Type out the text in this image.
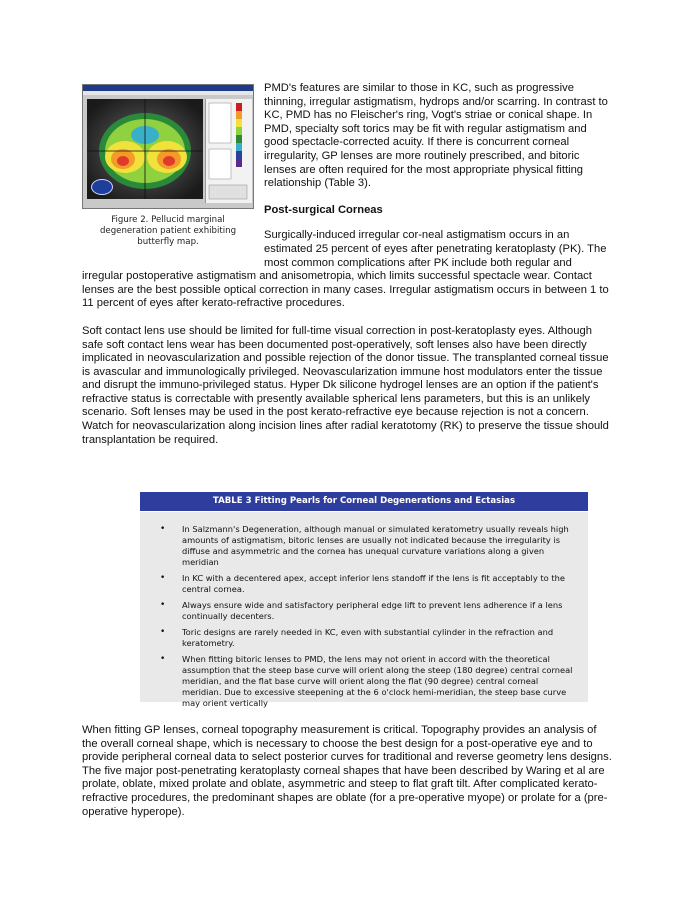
Figure 2. Pellucid marginal degeneration patient exhibiting butterfly map.

PMD's features are similar to those in KC, such as progressive thinning, irregular astigmatism, hydrops and/or scarring. In contrast to KC, PMD has no Fleischer's ring, Vogt's striae or conical shape. In PMD, specialty soft torics may be fit with regular astigmatism and good spectacle-corrected acuity. If there is concurrent corneal irregularity, GP lenses are more routinely prescribed, and bitoric lenses are often required for the most appropriate physical fitting relationship (Table 3).

Post-surgical Corneas

Surgically-induced irregular cor-neal astigmatism occurs in an estimated 25 percent of eyes after penetrating keratoplasty (PK). The most common complications after PK include both regular and irregular postoperative astigmatism and anisometropia, which limits successful spectacle wear. Contact lenses are the best possible optical correction in many cases. Irregular astigmatism occurs in between 1 to 11 percent of eyes after kerato-refractive procedures.

Soft contact lens use should be limited for full-time visual correction in post-keratoplasty eyes. Although safe soft contact lens wear has been documented post-operatively, soft lenses also have been directly implicated in neovascularization and possible rejection of the donor tissue. The transplanted corneal tissue is avascular and immunologically privileged. Neovascularization immune host modulators enter the tissue and disrupt the immuno-privileged status. Hyper Dk silicone hydrogel lenses are an option if the patient's refractive status is correctable with presently available spherical lens parameters, but this is an unlikely scenario. Soft lenses may be used in the post kerato-refractive eye because rejection is not a concern. Watch for neovascularization along incision lines after radial keratotomy (RK) to preserve the tissue should transplantation be required.

TABLE 3 Fitting Pearls for Corneal Degenerations and Ectasias
• In Salzmann's Degeneration, although manual or simulated keratometry usually reveals high amounts of astigmatism, bitoric lenses are usually not indicated because the irregularity is diffuse and asymmetric and the cornea has unequal curvature variations along a given meridian
• In KC with a decentered apex, accept inferior lens standoff if the lens is fit acceptably to the central cornea.
• Always ensure wide and satisfactory peripheral edge lift to prevent lens adherence if a lens continually decenters.
• Toric designs are rarely needed in KC, even with substantial cylinder in the refraction and keratometry.
• When fitting bitoric lenses to PMD, the lens may not orient in accord with the theoretical assumption that the steep base curve will orient along the steep (180 degree) central corneal meridian, and the flat base curve will orient along the flat (90 degree) central corneal meridian. Due to excessive steepening at the 6 o'clock hemi-meridian, the steep base curve may orient vertically

When fitting GP lenses, corneal topography measurement is critical. Topography provides an analysis of the overall corneal shape, which is necessary to choose the best design for a post-operative eye and to provide peripheral corneal data to select posterior curves for traditional and reverse geometry lens designs. The five major post-penetrating keratoplasty corneal shapes that have been described by Waring et al are prolate, oblate, mixed prolate and oblate, asymmetric and steep to flat graft tilt. After complicated kerato-refractive procedures, the predominant shapes are oblate (for a pre-operative myope) or prolate for a (pre-operative hyperope).
